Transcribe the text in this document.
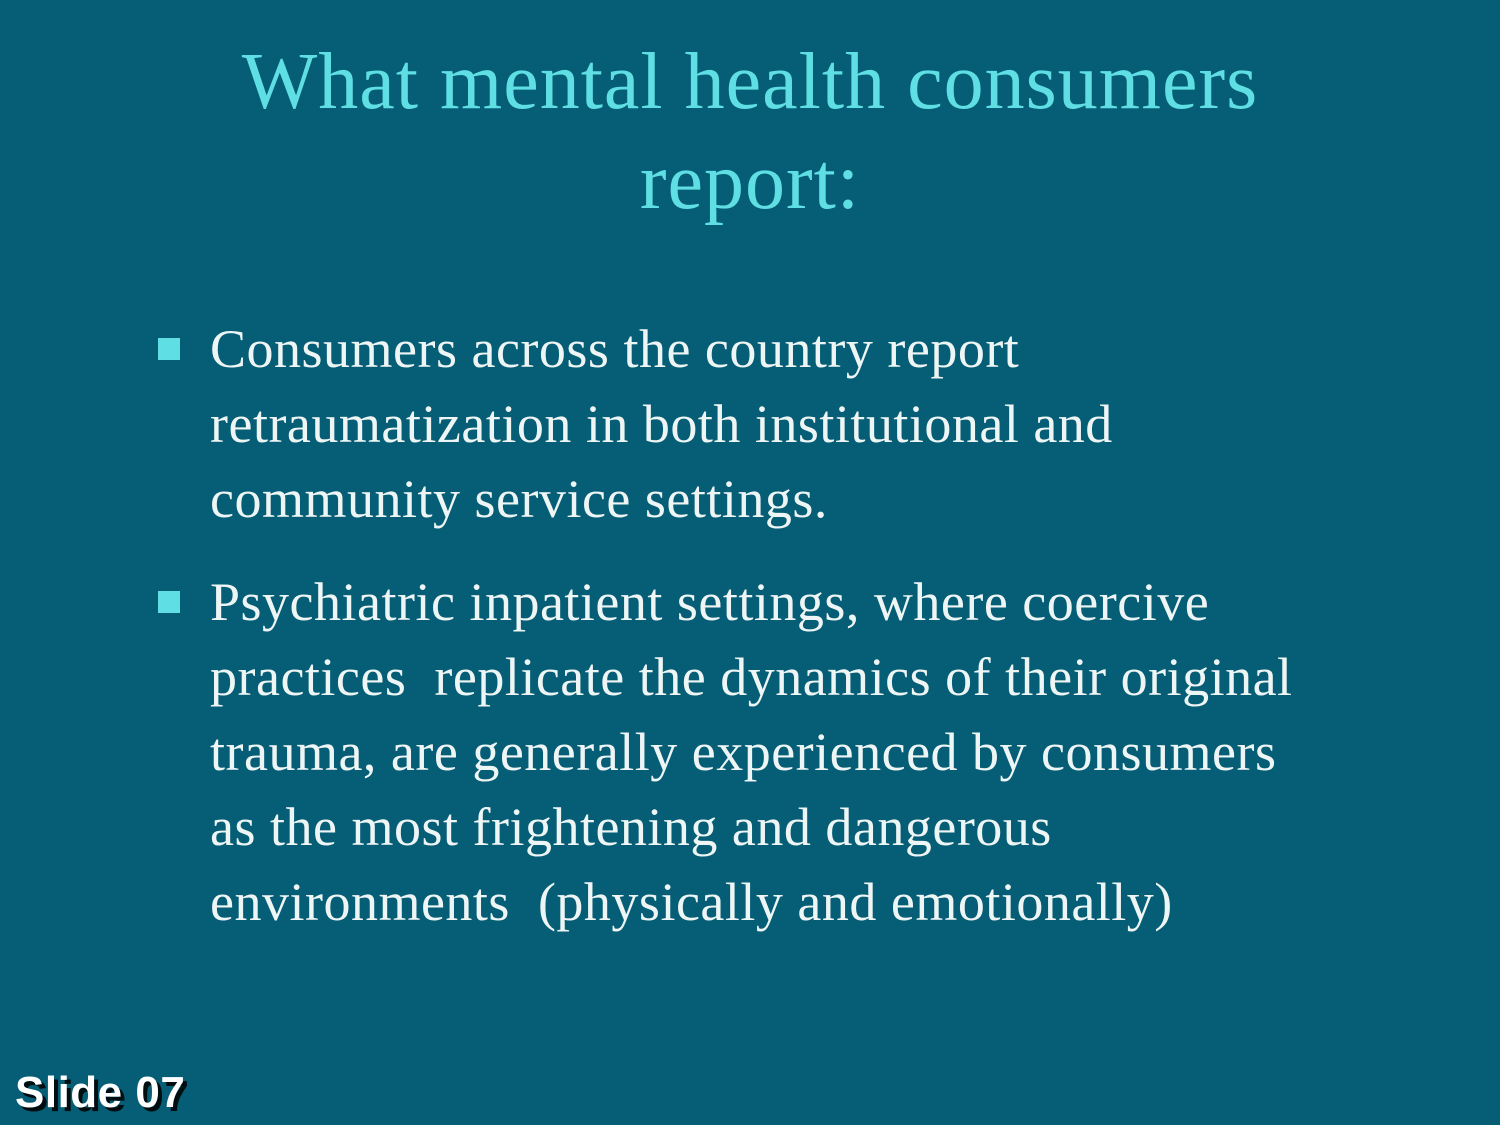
What mental health consumers
report:
Consumers across the country report
retraumatization in both institutional and
community service settings.
Psychiatric inpatient settings, where coercive
practices  replicate the dynamics of their original
trauma, are generally experienced by consumers
as the most frightening and dangerous
environments  (physically and emotionally)
Slide 07
